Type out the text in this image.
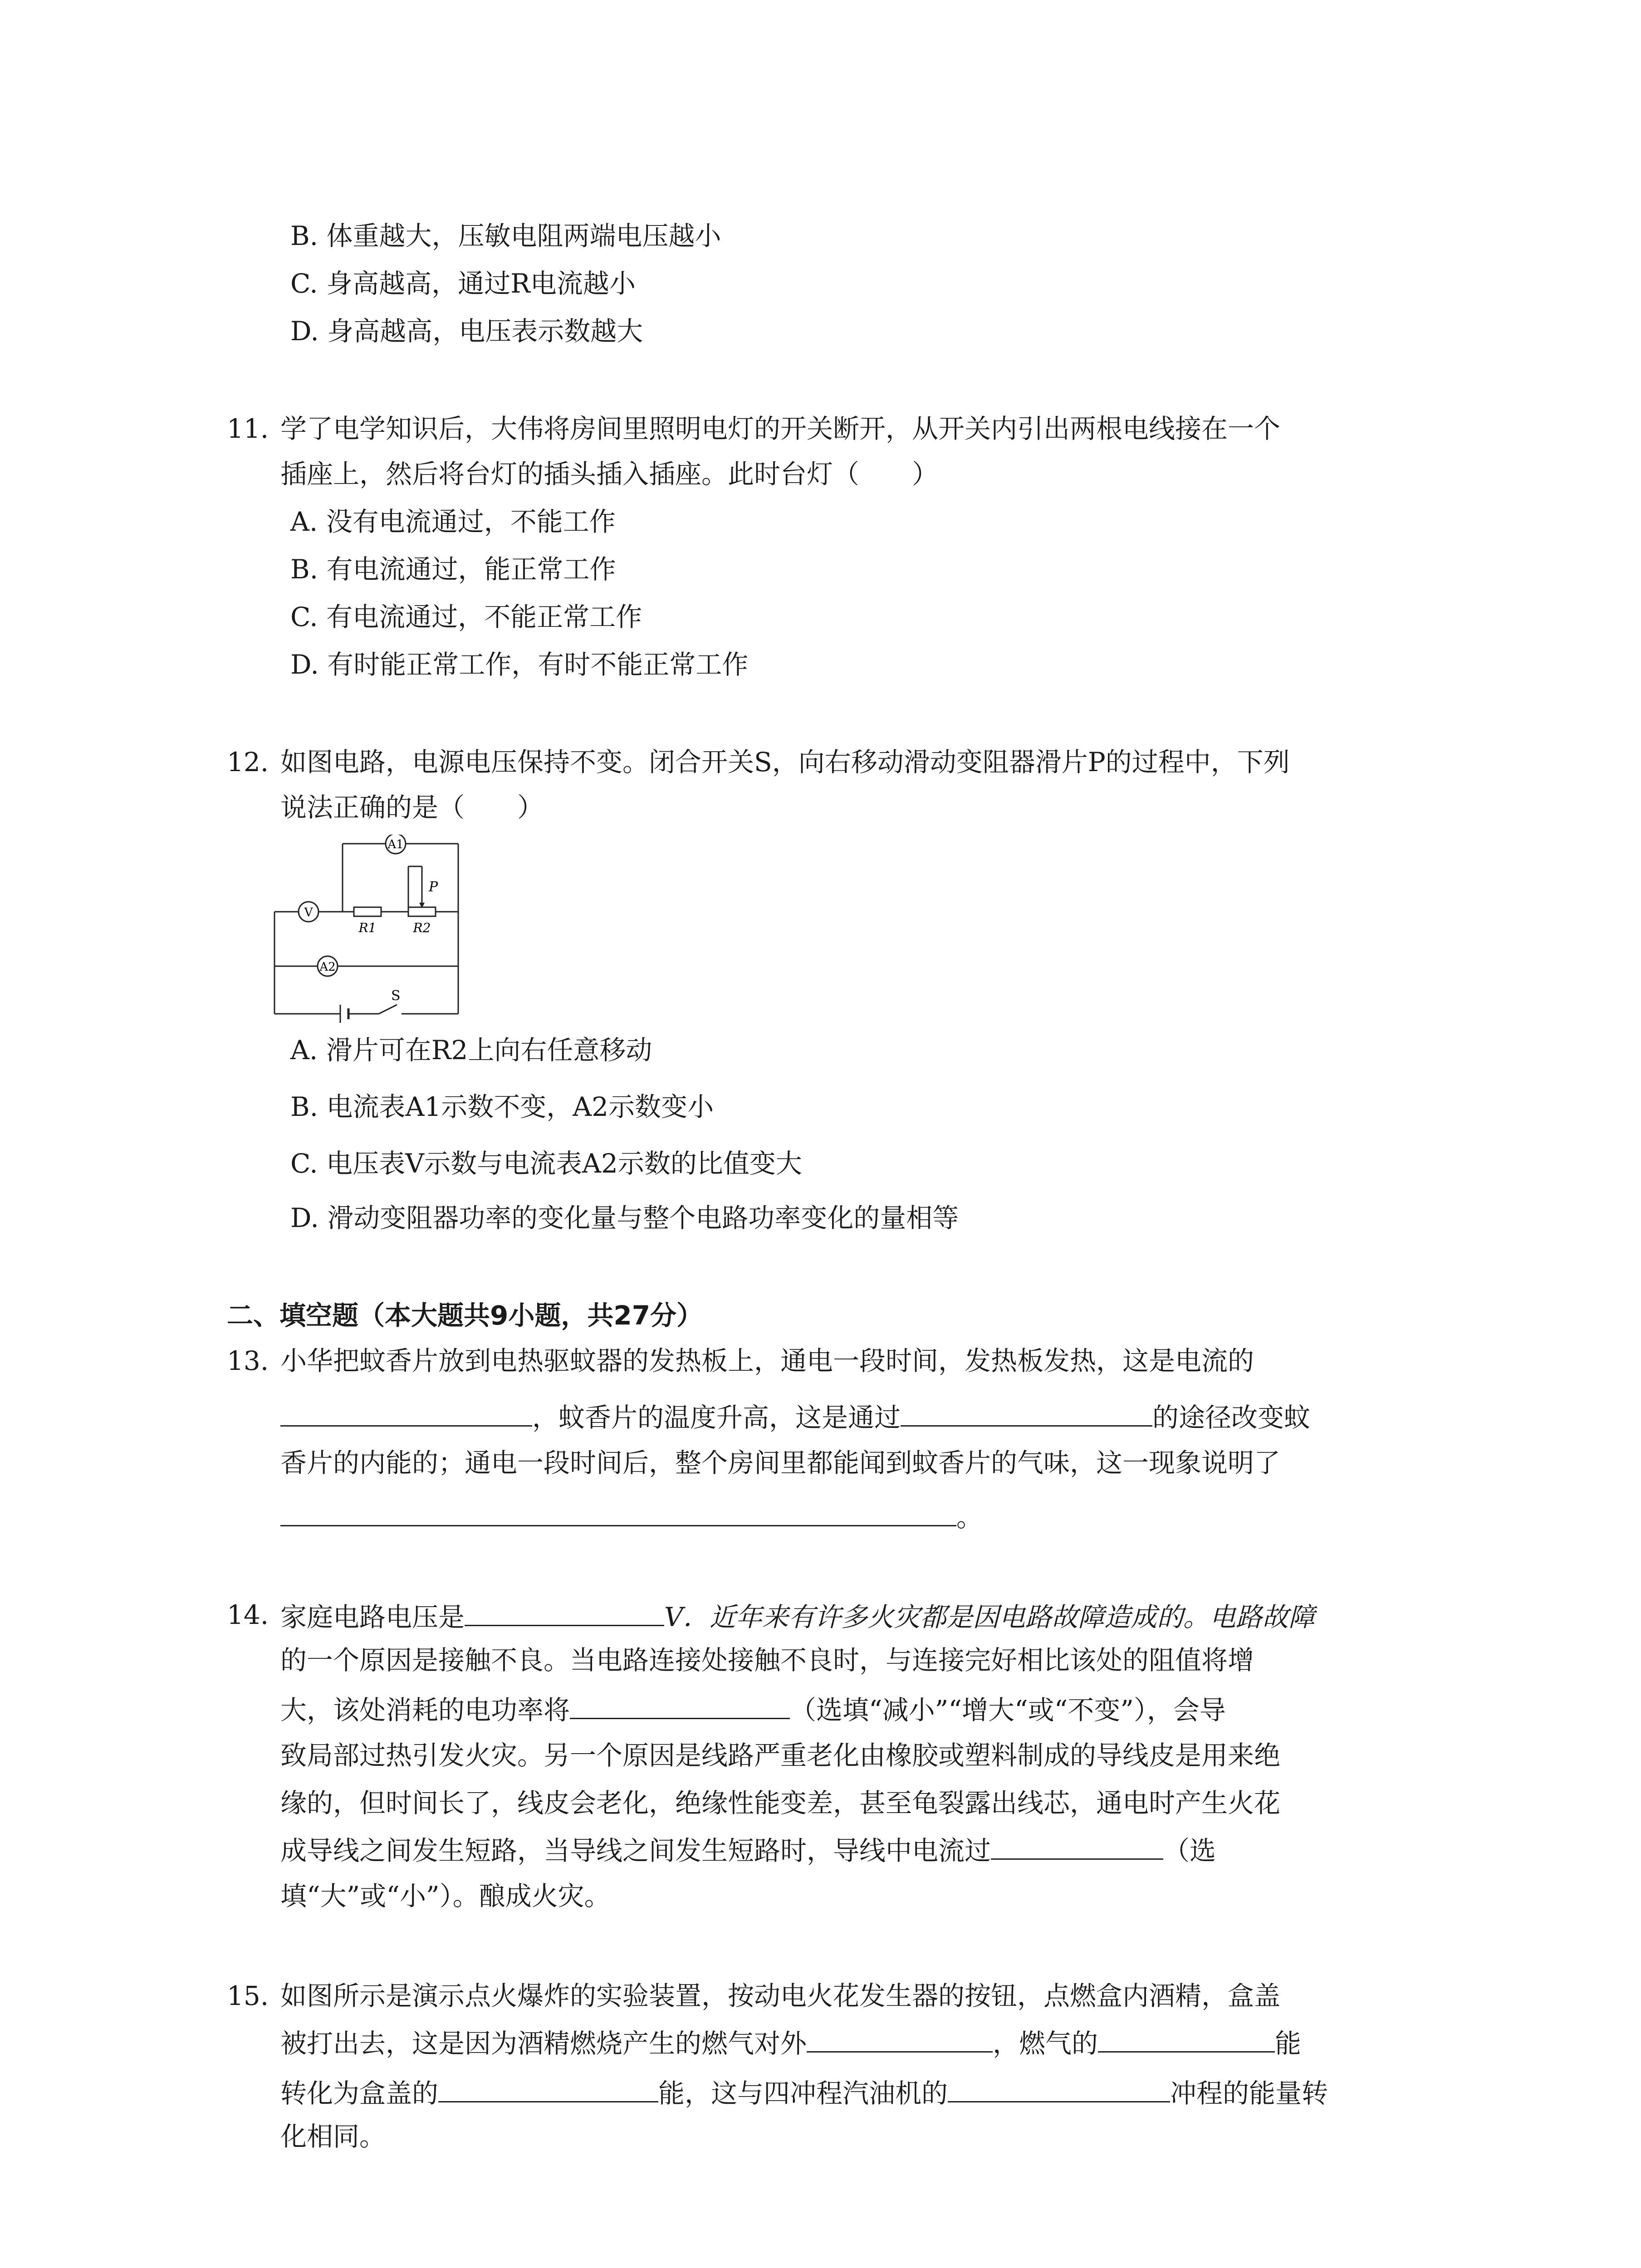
B. 体重越大，压敏电阻两端电压越小
C. 身高越高，通过R电流越小
D. 身高越高，电压表示数越大
11. 学了电学知识后，大伟将房间里照明电灯的开关断开，从开关内引出两根电线接在一个
插座上，然后将台灯的插头插入插座。此时台灯（　　）
A. 没有电流通过，不能工作
B. 有电流通过，能正常工作
C. 有电流通过，不能正常工作
D. 有时能正常工作，有时不能正常工作
12. 如图电路，电源电压保持不变。闭合开关S，向右移动滑动变阻器滑片P的过程中，下列
说法正确的是（　　）
A1
V
A2
R1	R2
P
S
A. 滑片可在R2上向右任意移动
B. 电流表A1示数不变，A2示数变小
C. 电压表V示数与电流表A2示数的比值变大
D. 滑动变阻器功率的变化量与整个电路功率变化的量相等
二、填空题（本大题共9小题，共27分）
13. 小华把蚊香片放到电热驱蚊器的发热板上，通电一段时间，发热板发热，这是电流的
，蚊香片的温度升高，这是通过	的途径改变蚊
香片的内能的；通电一段时间后，整个房间里都能闻到蚊香片的气味，这一现象说明了
。
14. 家庭电路电压是	V．近年来有许多火灾都是因电路故障造成的。电路故障
的一个原因是接触不良。当电路连接处接触不良时，与连接完好相比该处的阻值将增
大，该处消耗的电功率将	（选填“减小”“增大“或“不变”），会导
致局部过热引发火灾。另一个原因是线路严重老化由橡胶或塑料制成的导线皮是用来绝
缘的，但时间长了，线皮会老化，绝缘性能变差，甚至龟裂露出线芯，通电时产生火花
成导线之间发生短路，当导线之间发生短路时，导线中电流过	（选
填“大”或“小”）。酿成火灾。
15. 如图所示是演示点火爆炸的实验装置，按动电火花发生器的按钮，点燃盒内酒精，盒盖
被打出去，这是因为酒精燃烧产生的燃气对外	，燃气的	能
转化为盒盖的	能，这与四冲程汽油机的	冲程的能量转
化相同。
